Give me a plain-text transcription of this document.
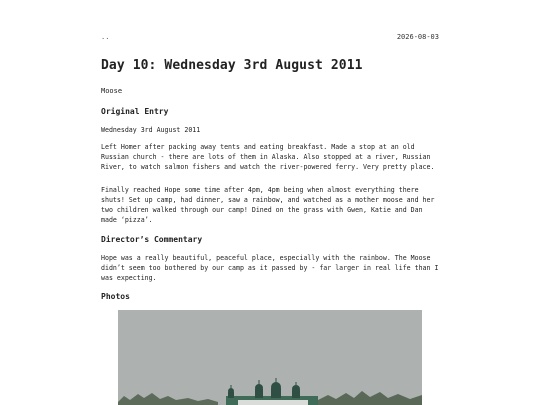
..	2026-08-03
Day 10: Wednesday 3rd August 2011
Moose
Original Entry

Wednesday 3rd August 2011

Left Homer after packing away tents and eating breakfast. Made a stop at an old Russian church - there are lots of them in Alaska. Also stopped at a river, Russian River, to watch salmon fishers and watch the river-powered ferry. Very pretty place.

Finally reached Hope some time after 4pm, 4pm being when almost everything there shuts! Set up camp, had dinner, saw a rainbow, and watched as a mother moose and her two children walked through our camp! Dined on the grass with Gwen, Katie and Dan made ‘pizza’.

Director’s Commentary

Hope was a really beautiful, peaceful place, especially with the rainbow. The Moose didn’t seem too bothered by our camp as it passed by - far larger in real life than I was expecting.

Photos
